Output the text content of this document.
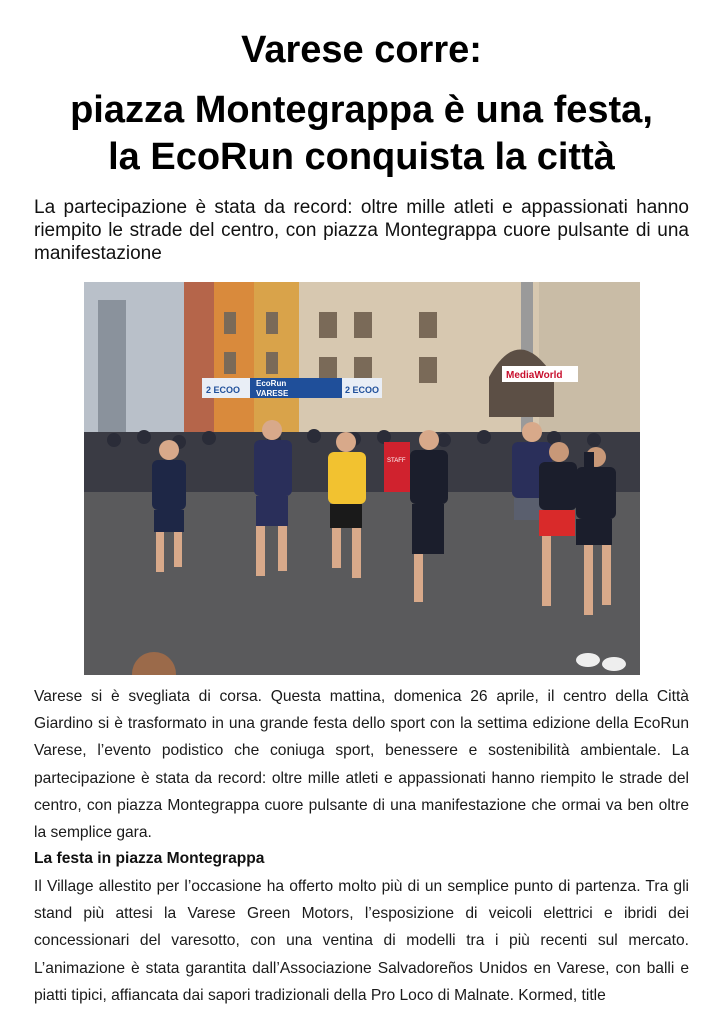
Varese corre:
piazza Montegrappa è una festa,
la EcoRun conquista la città

La partecipazione è stata da record: oltre mille atleti e appassionati hanno riempito le strade del centro, con piazza Montegrappa cuore pulsante di una manifestazione

2 ECOO
EcoRun
VARESE	2 ECOO
MediaWorld
STAFF

Varese si è svegliata di corsa. Questa mattina, domenica 26 aprile, il centro della Città Giardino si è trasformato in una grande festa dello sport con la settima edizione della EcoRun Varese, l’evento podistico che coniuga sport, benessere e sostenibilità ambientale. La partecipazione è stata da record: oltre mille atleti e appassionati hanno riempito le strade del centro, con piazza Montegrappa cuore pulsante di una manifestazione che ormai va ben oltre la semplice gara.

La festa in piazza Montegrappa

Il Village allestito per l’occasione ha offerto molto più di un semplice punto di partenza. Tra gli stand più attesi la Varese Green Motors, l’esposizione di veicoli elettrici e ibridi dei concessionari del varesotto, con una ventina di modelli tra i più recenti sul mercato. L’animazione è stata garantita dall’Associazione Salvadoreños Unidos en Varese, con balli e piatti tipici, affiancata dai sapori tradizionali della Pro Loco di Malnate. Kormed, title
